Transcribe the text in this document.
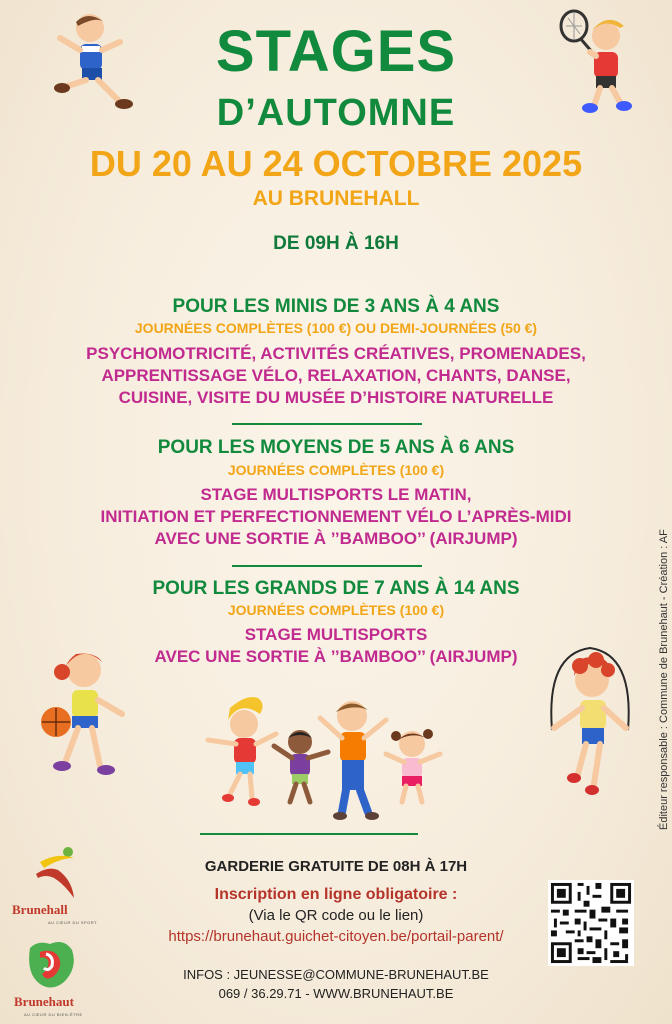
STAGES
D’AUTOMNE
DU 20 AU 24 OCTOBRE 2025
AU BRUNEHALL
DE 09H À 16H
POUR LES MINIS DE 3 ANS À 4 ANS
JOURNÉES COMPLÈTES (100 €) OU DEMI-JOURNÉES (50 €)
PSYCHOMOTRICITÉ, ACTIVITÉS CRÉATIVES, PROMENADES,
APPRENTISSAGE VÉLO, RELAXATION, CHANTS, DANSE,
CUISINE, VISITE DU MUSÉE D’HISTOIRE NATURELLE
POUR LES MOYENS DE 5 ANS À 6 ANS
JOURNÉES COMPLÈTES (100 €)
STAGE MULTISPORTS LE MATIN,
INITIATION ET PERFECTIONNEMENT VÉLO L’APRÈS-MIDI
AVEC UNE SORTIE À ’’BAMBOO’’ (AIRJUMP)
POUR LES GRANDS DE 7 ANS À 14 ANS
JOURNÉES COMPLÈTES (100 €)
STAGE MULTISPORTS
AVEC UNE SORTIE À ’’BAMBOO’’ (AIRJUMP)
GARDERIE GRATUITE DE 08H À 17H
Inscription en ligne obligatoire :
(Via le QR code ou le lien)
https://brunehaut.guichet-citoyen.be/portail-parent/
INFOS : JEUNESSE@COMMUNE-BRUNEHAUT.BE
069 / 36.29.71 - WWW.BRUNEHAUT.BE
Éditeur responsable : Commune de Brunehaut - Création : AF
Brunehall
AU CŒUR DU SPORT
Brunehaut
AU CŒUR DU BIEN-ÊTRE
